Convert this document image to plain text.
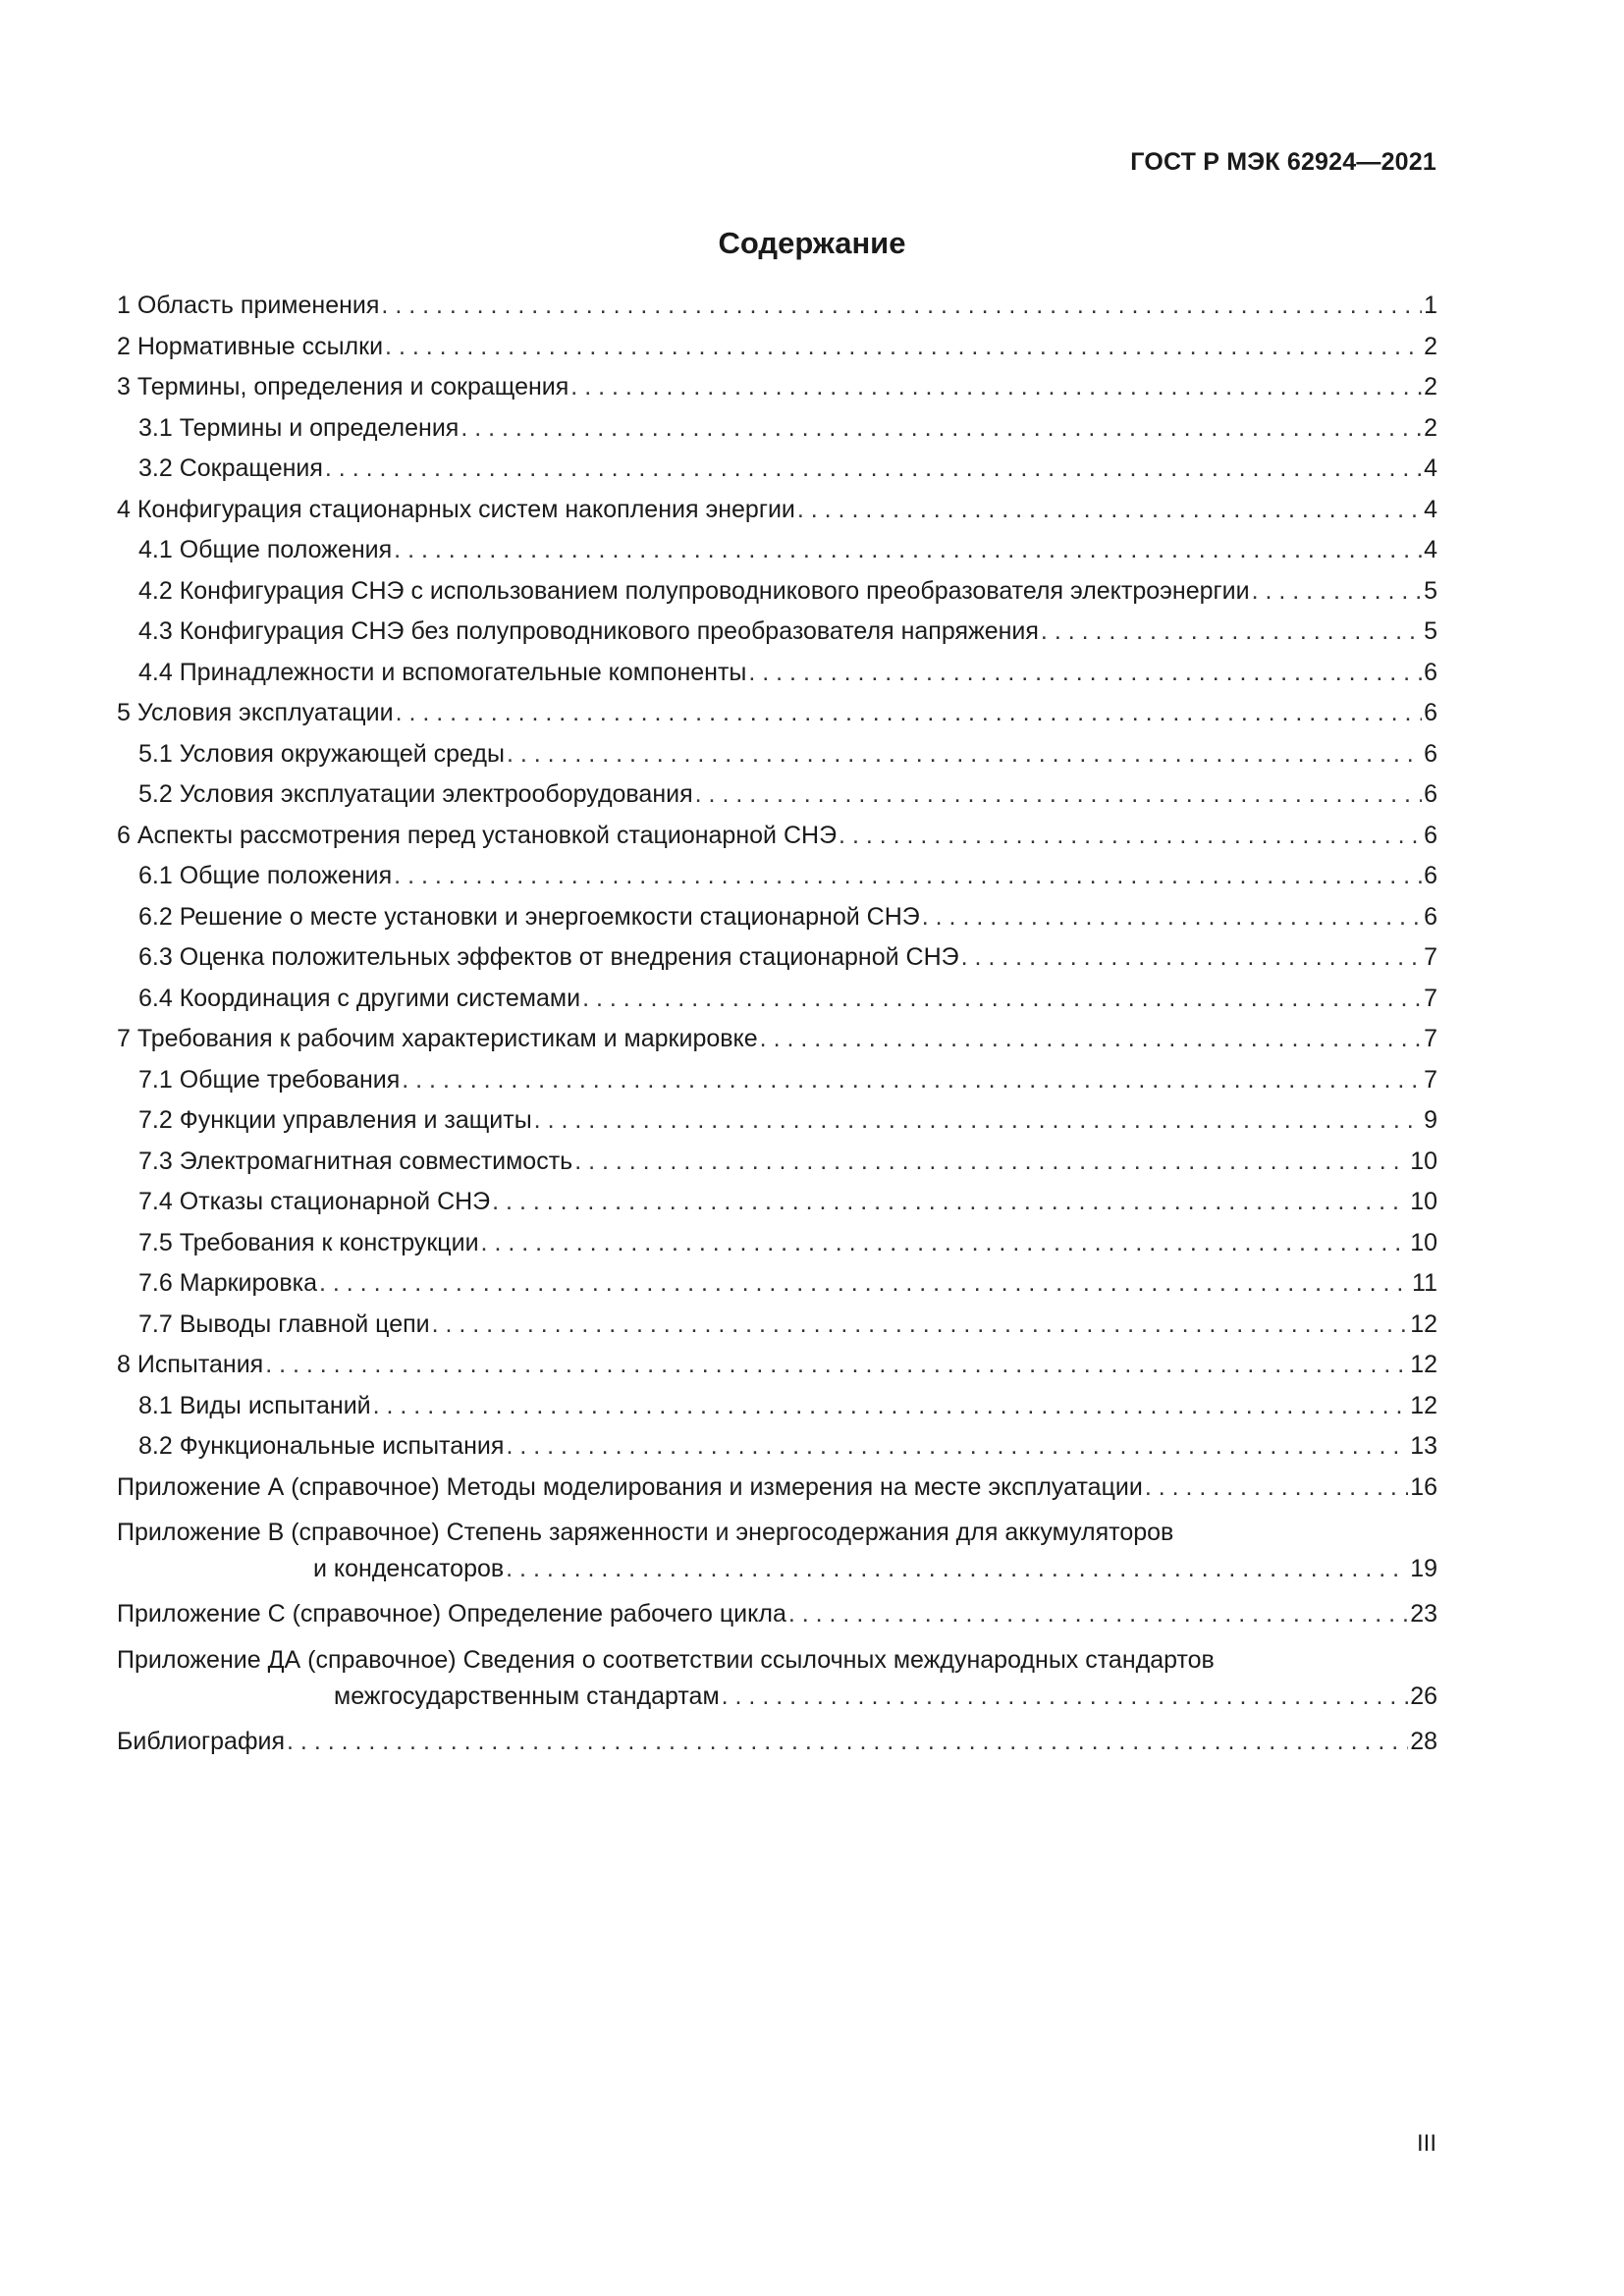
ГОСТ Р МЭК 62924—2021
Содержание
1 Область применения . . .	1
2 Нормативные ссылки . . .	2
3 Термины, определения и сокращения . . .	2
3.1 Термины и определения . . .	2
3.2 Сокращения . . .	4
4 Конфигурация стационарных систем накопления энергии . . .	4
4.1 Общие положения . . .	4
4.2 Конфигурация СНЭ с использованием полупроводникового преобразователя электроэнергии . . .	5
4.3 Конфигурация СНЭ без полупроводникового преобразователя напряжения . . .	5
4.4 Принадлежности и вспомогательные компоненты . . .	6
5 Условия эксплуатации . . .	6
5.1 Условия окружающей среды . . .	6
5.2 Условия эксплуатации электрооборудования . . .	6
6 Аспекты рассмотрения перед установкой стационарной СНЭ . . .	6
6.1 Общие положения . . .	6
6.2 Решение о месте установки и энергоемкости стационарной СНЭ . . .	6
6.3 Оценка положительных эффектов от внедрения стационарной СНЭ . . .	7
6.4 Координация с другими системами . . .	7
7 Требования к рабочим характеристикам и маркировке . . .	7
7.1 Общие требования . . .	7
7.2 Функции управления и защиты . . .	9
7.3 Электромагнитная совместимость . . .	10
7.4 Отказы стационарной СНЭ . . .	10
7.5 Требования к конструкции . . .	10
7.6 Маркировка . . .	11
7.7 Выводы главной цепи . . .	12
8 Испытания . . .	12
8.1 Виды испытаний . . .	12
8.2 Функциональные испытания . . .	13
Приложение А (справочное) Методы моделирования и измерения на месте эксплуатации . . .	16
Приложение В (справочное) Степень заряженности и энергосодержания для аккумуляторов
и конденсаторов . . .	19
Приложение С (справочное) Определение рабочего цикла . . .	23
Приложение ДА (справочное) Сведения о соответствии ссылочных международных стандартов
межгосударственным стандартам . . .	26
Библиография . . .	28
III
